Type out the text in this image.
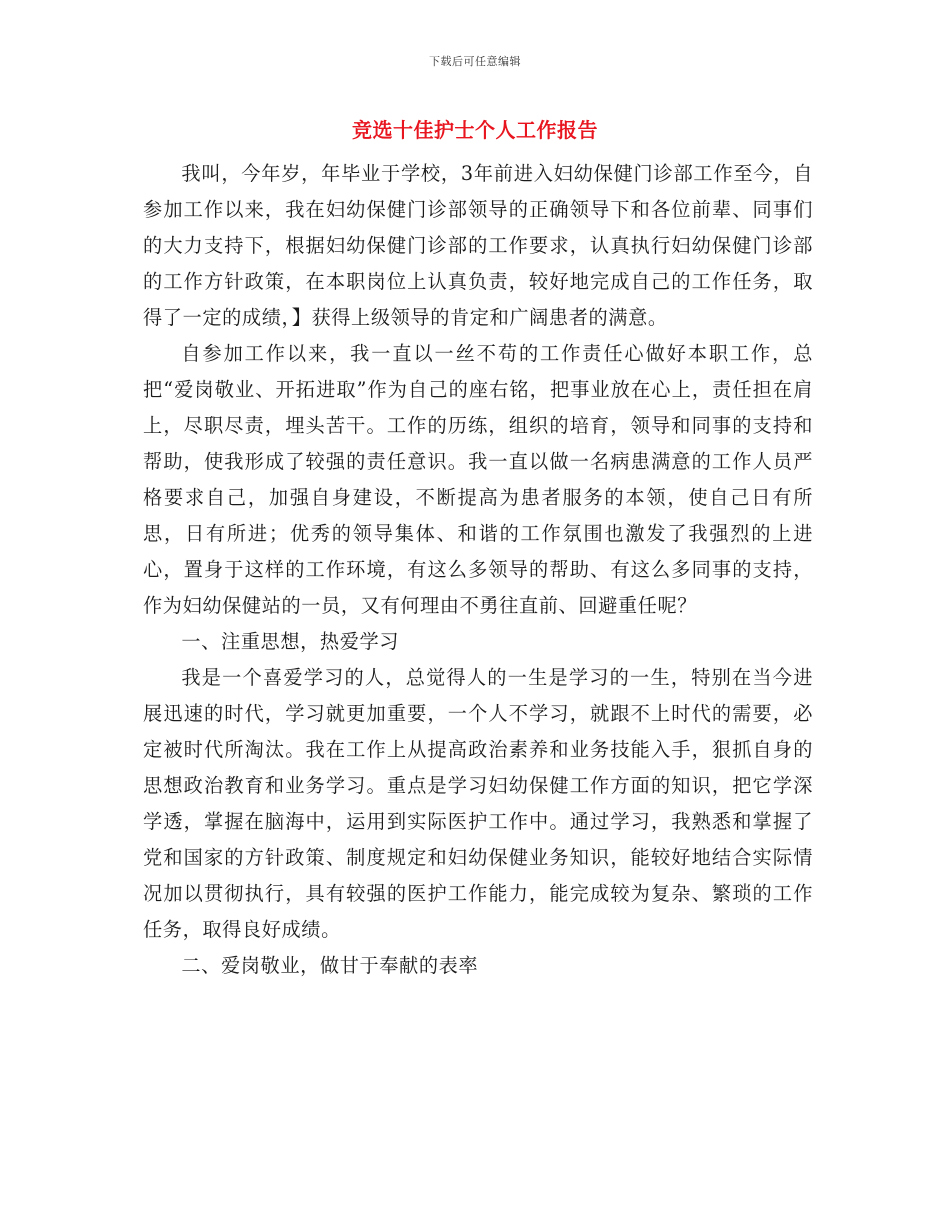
下载后可任意编辑
竞选十佳护士个人工作报告

我叫，今年岁，年毕业于学校，3年前进入妇幼保健门诊部工作至今，自参加工作以来，我在妇幼保健门诊部领导的正确领导下和各位前辈、同事们的大力支持下，根据妇幼保健门诊部的工作要求，认真执行妇幼保健门诊部的工作方针政策，在本职岗位上认真负责，较好地完成自己的工作任务，取得了一定的成绩，】获得上级领导的肯定和广阔患者的满意。

自参加工作以来，我一直以一丝不苟的工作责任心做好本职工作，总把“爱岗敬业、开拓进取”作为自己的座右铭，把事业放在心上，责任担在肩上，尽职尽责，埋头苦干。工作的历练，组织的培育，领导和同事的支持和帮助，使我形成了较强的责任意识。我一直以做一名病患满意的工作人员严格要求自己，加强自身建设，不断提高为患者服务的本领，使自己日有所思，日有所进；优秀的领导集体、和谐的工作氛围也激发了我强烈的上进心，置身于这样的工作环境，有这么多领导的帮助、有这么多同事的支持，作为妇幼保健站的一员，又有何理由不勇往直前、回避重任呢？

一、注重思想，热爱学习

我是一个喜爱学习的人，总觉得人的一生是学习的一生，特别在当今进展迅速的时代，学习就更加重要，一个人不学习，就跟不上时代的需要，必定被时代所淘汰。我在工作上从提高政治素养和业务技能入手，狠抓自身的思想政治教育和业务学习。重点是学习妇幼保健工作方面的知识，把它学深学透，掌握在脑海中，运用到实际医护工作中。通过学习，我熟悉和掌握了党和国家的方针政策、制度规定和妇幼保健业务知识，能较好地结合实际情况加以贯彻执行，具有较强的医护工作能力，能完成较为复杂、繁琐的工作任务，取得良好成绩。

二、爱岗敬业，做甘于奉献的表率
